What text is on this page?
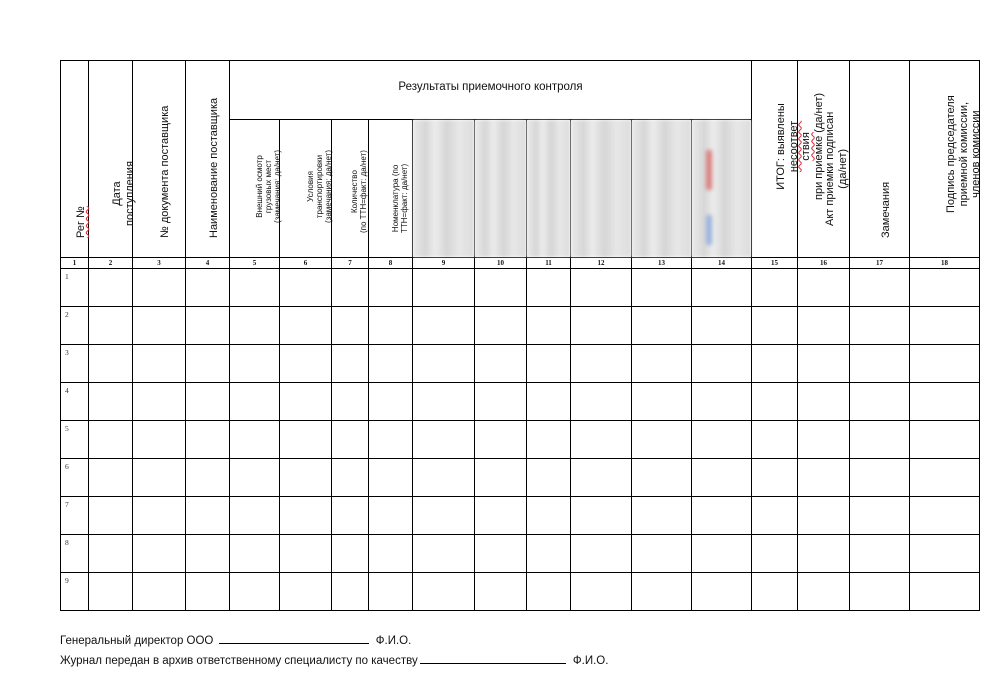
Рег №	Дата поступления	№ документа поставщика	Наименование поставщика	Результаты приемочного контроля										ИТОГ: выявлены несоответ ствия при приемке (да/нет)	Акт приемки подписан (да/нет)	Замечания	Подпись председателя приемной комиссии, членов комиссии

				Внешний осмотр грузовых мест (замечания: да/нет)	Условия транспортировки (замечания: да/нет)	Количество (по ТТН=факт: да/нет)	Номенклатура (по ТТН=факт: да/нет)										

1	2	3	4	5	6	7	8	9	10	11	12	13	14	15	16	17	18
1																	
2																	
3																	
4																	
5																	
6																	
7																	
8																	
9																	
Генеральный директор ООО	Ф.И.О.
Журнал передан в архив ответственному специалисту по качеству	Ф.И.О.
